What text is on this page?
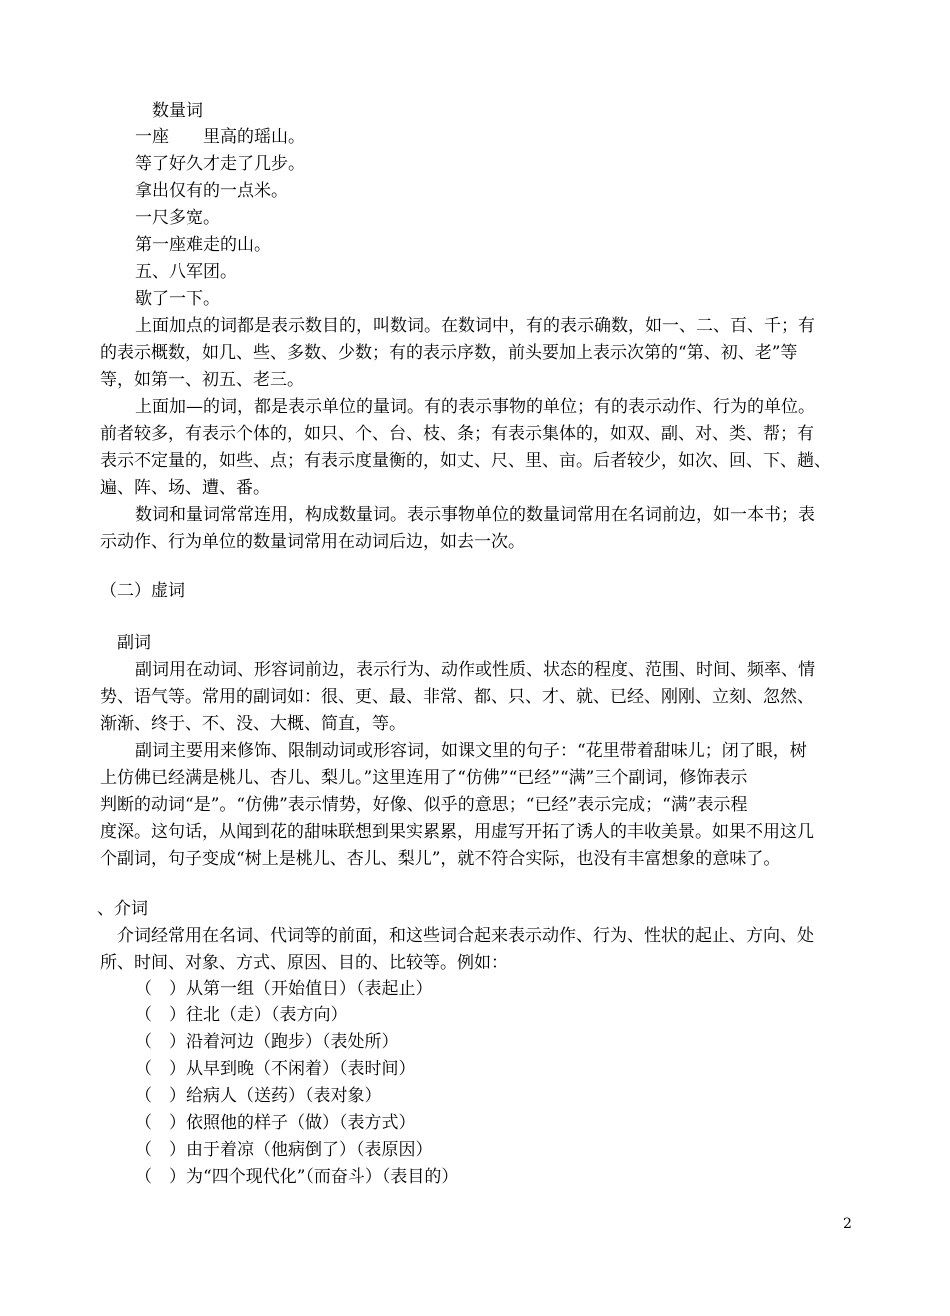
数量词

一座　　里高的瑶山。

等了好久才走了几步。

拿出仅有的一点米。

一尺多宽。

第一座难走的山。

五、八军团。

歇了一下。

上面加点的词都是表示数目的，叫数词。在数词中，有的表示确数，如一、二、百、千；有

的表示概数，如几、些、多数、少数；有的表示序数，前头要加上表示次第的“第、初、老”等

等，如第一、初五、老三。

上面加—的词，都是表示单位的量词。有的表示事物的单位；有的表示动作、行为的单位。

前者较多，有表示个体的，如只、个、台、枝、条；有表示集体的，如双、副、对、类、帮；有

表示不定量的，如些、点；有表示度量衡的，如丈、尺、里、亩。后者较少，如次、回、下、趟、

遍、阵、场、遭、番。

数词和量词常常连用，构成数量词。表示事物单位的数量词常用在名词前边，如一本书；表

示动作、行为单位的数量词常用在动词后边，如去一次。

（二）虚词

副词

副词用在动词、形容词前边，表示行为、动作或性质、状态的程度、范围、时间、频率、情

势、语气等。常用的副词如：很、更、最、非常、都、只、才、就、已经、刚刚、立刻、忽然、

渐渐、终于、不、没、大概、简直，等。

副词主要用来修饰、限制动词或形容词，如课文里的句子：“花里带着甜味儿；闭了眼，树

上仿佛已经满是桃儿、杏儿、梨儿。”这里连用了“仿佛”“已经”“满”三个副词，修饰表示

判断的动词“是”。“仿佛”表示情势，好像、似乎的意思；“已经”表示完成；“满”表示程

度深。这句话，从闻到花的甜味联想到果实累累，用虚写开拓了诱人的丰收美景。如果不用这几

个副词，句子变成“树上是桃儿、杏儿、梨儿”，就不符合实际，也没有丰富想象的意味了。

、介词

介词经常用在名词、代词等的前面，和这些词合起来表示动作、行为、性状的起止、方向、处

所、时间、对象、方式、原因、目的、比较等。例如：

（　）从第一组（开始值日）（表起止）

（　）往北（走）（表方向）

（　）沿着河边（跑步）（表处所）

（　）从早到晚（不闲着）（表时间）

（　）给病人（送药）（表对象）

（　）依照他的样子（做）（表方式）

（　）由于着凉（他病倒了）（表原因）

（　）为“四个现代化”（而奋斗）（表目的）

2
